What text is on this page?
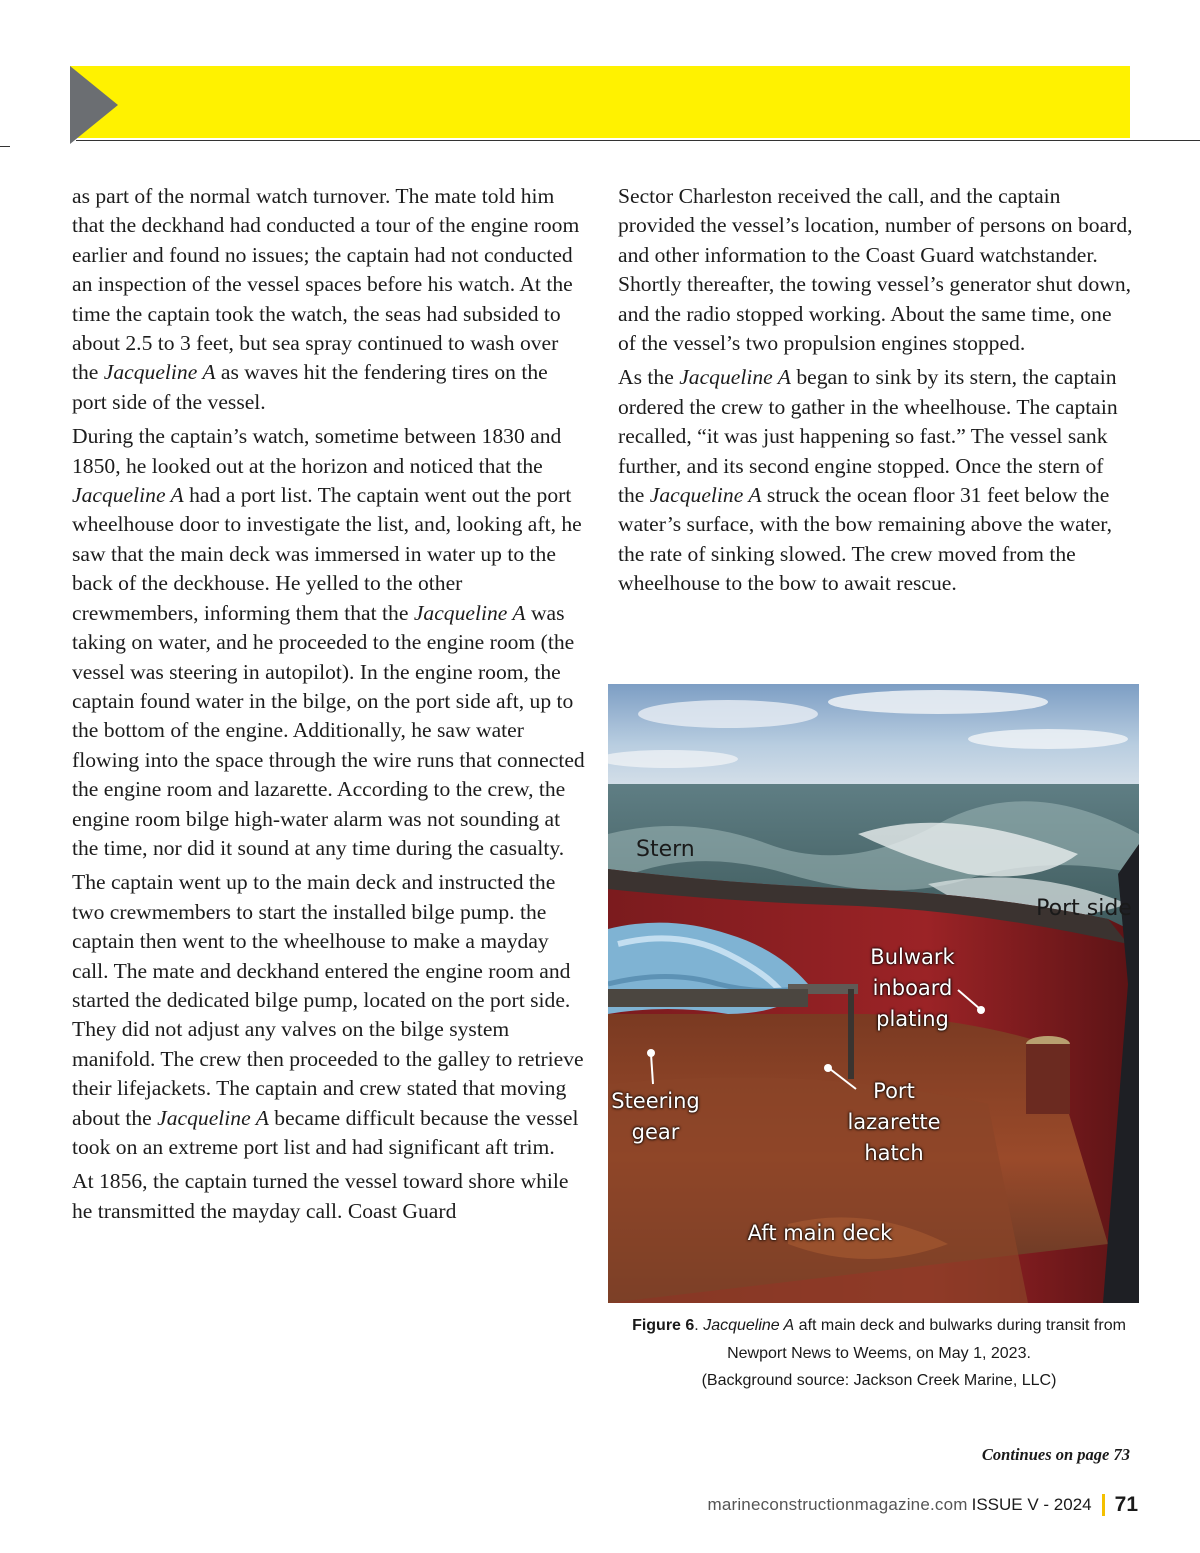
as part of the normal watch turnover. The mate told him that the deckhand had conducted a tour of the engine room earlier and found no issues; the captain had not conducted an inspection of the vessel spaces before his watch. At the time the captain took the watch, the seas had subsided to about 2.5 to 3 feet, but sea spray continued to wash over the Jacqueline A as waves hit the fendering tires on the port side of the vessel.

During the captain’s watch, sometime between 1830 and 1850, he looked out at the horizon and noticed that the Jacqueline A had a port list. The captain went out the port wheelhouse door to investigate the list, and, looking aft, he saw that the main deck was immersed in water up to the back of the deckhouse. He yelled to the other crewmembers, informing them that the Jacqueline A was taking on water, and he proceeded to the engine room (the vessel was steering in autopilot). In the engine room, the captain found water in the bilge, on the port side aft, up to the bottom of the engine. Additionally, he saw water flowing into the space through the wire runs that connected the engine room and lazarette. According to the crew, the engine room bilge high-water alarm was not sounding at the time, nor did it sound at any time during the casualty.

The captain went up to the main deck and instructed the two crewmembers to start the installed bilge pump. the captain then went to the wheelhouse to make a mayday call. The mate and deckhand entered the engine room and started the dedicated bilge pump, located on the port side. They did not adjust any valves on the bilge system manifold. The crew then proceeded to the galley to retrieve their lifejackets. The captain and crew stated that moving about the Jacqueline A became difficult because the vessel took on an extreme port list and had significant aft trim.

At 1856, the captain turned the vessel toward shore while he transmitted the mayday call. Coast Guard

Sector Charleston received the call, and the captain provided the vessel’s location, number of persons on board, and other information to the Coast Guard watchstander. Shortly thereafter, the towing vessel’s generator shut down, and the radio stopped working. About the same time, one of the vessel’s two propulsion engines stopped.

As the Jacqueline A began to sink by its stern, the captain ordered the crew to gather in the wheelhouse. The captain recalled, “it was just happening so fast.” The vessel sank further, and its second engine stopped. Once the stern of the Jacqueline A struck the ocean floor 31 feet below the water’s surface, with the bow remaining above the water, the rate of sinking slowed. The crew moved from the wheelhouse to the bow to await rescue.

Stern
Port side
Bulwark inboard plating
Steering gear
Port lazarette hatch
Aft main deck
Figure 6. Jacqueline A aft main deck and bulwarks during transit from Newport News to Weems, on May 1, 2023.
(Background source: Jackson Creek Marine, LLC)
Continues on page 73
marineconstructionmagazine.com ISSUE V - 2024 71
